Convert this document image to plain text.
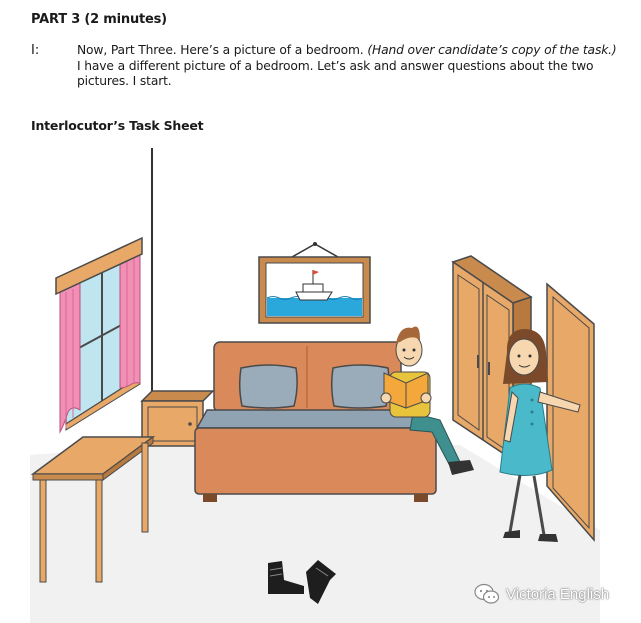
PART 3 (2 minutes)
I:	Now, Part Three. Here’s a picture of a bedroom. (Hand over candidate’s copy of the task.) I have a different picture of a bedroom. Let’s ask and answer questions about the two pictures. I start.
Interlocutor’s Task Sheet
Victoria English
